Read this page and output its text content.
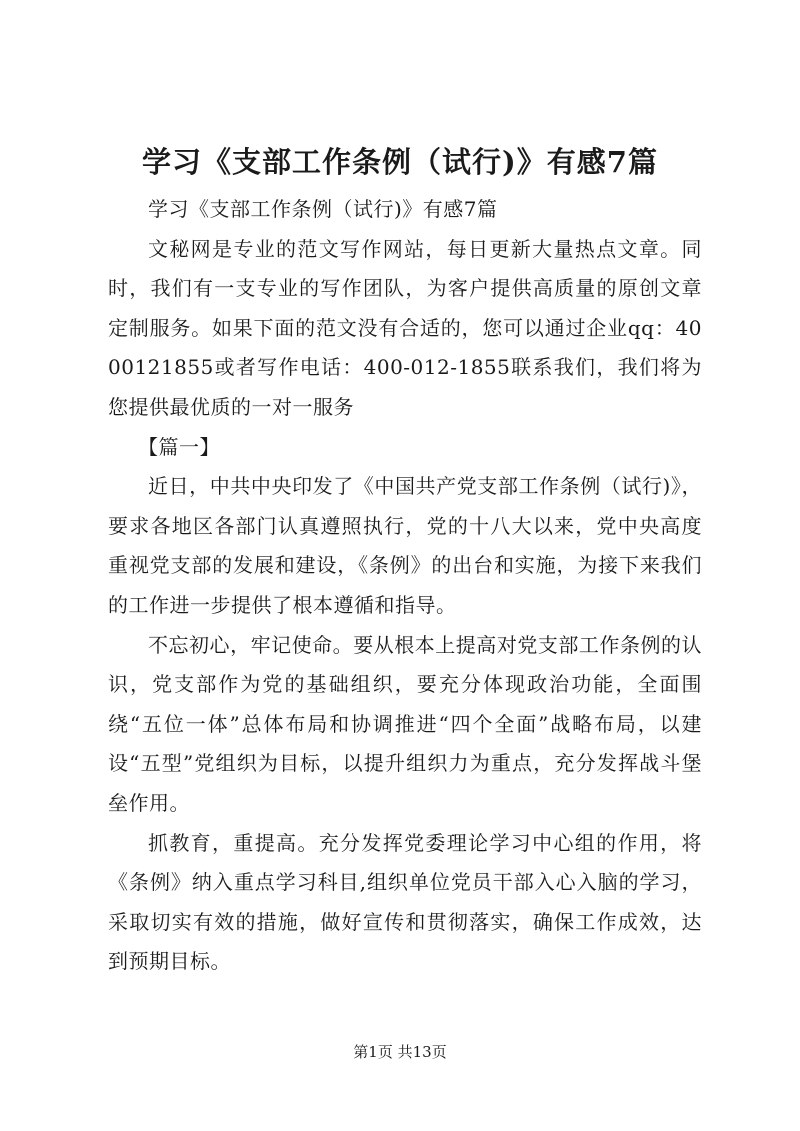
学习《支部工作条例（试行)》有感7篇

学习《支部工作条例（试行)》有感7篇

文秘网是专业的范文写作网站，每日更新大量热点文章。同时，我们有一支专业的写作团队，为客户提供高质量的原创文章定制服务。如果下面的范文没有合适的，您可以通过企业qq：4000121855或者写作电话：400-012-1855联系我们，我们将为您提供最优质的一对一服务

【篇一】

近日，中共中央印发了《中国共产党支部工作条例（试行)》，要求各地区各部门认真遵照执行，党的十八大以来，党中央高度重视党支部的发展和建设，《条例》的出台和实施，为接下来我们的工作进一步提供了根本遵循和指导。

不忘初心，牢记使命。要从根本上提高对党支部工作条例的认识，党支部作为党的基础组织，要充分体现政治功能，全面围绕“五位一体”总体布局和协调推进“四个全面”战略布局，以建设“五型”党组织为目标，以提升组织力为重点，充分发挥战斗堡垒作用。

抓教育，重提高。充分发挥党委理论学习中心组的作用，将《条例》纳入重点学习科目,组织单位党员干部入心入脑的学习，采取切实有效的措施，做好宣传和贯彻落实，确保工作成效，达到预期目标。

第1页 共13页
